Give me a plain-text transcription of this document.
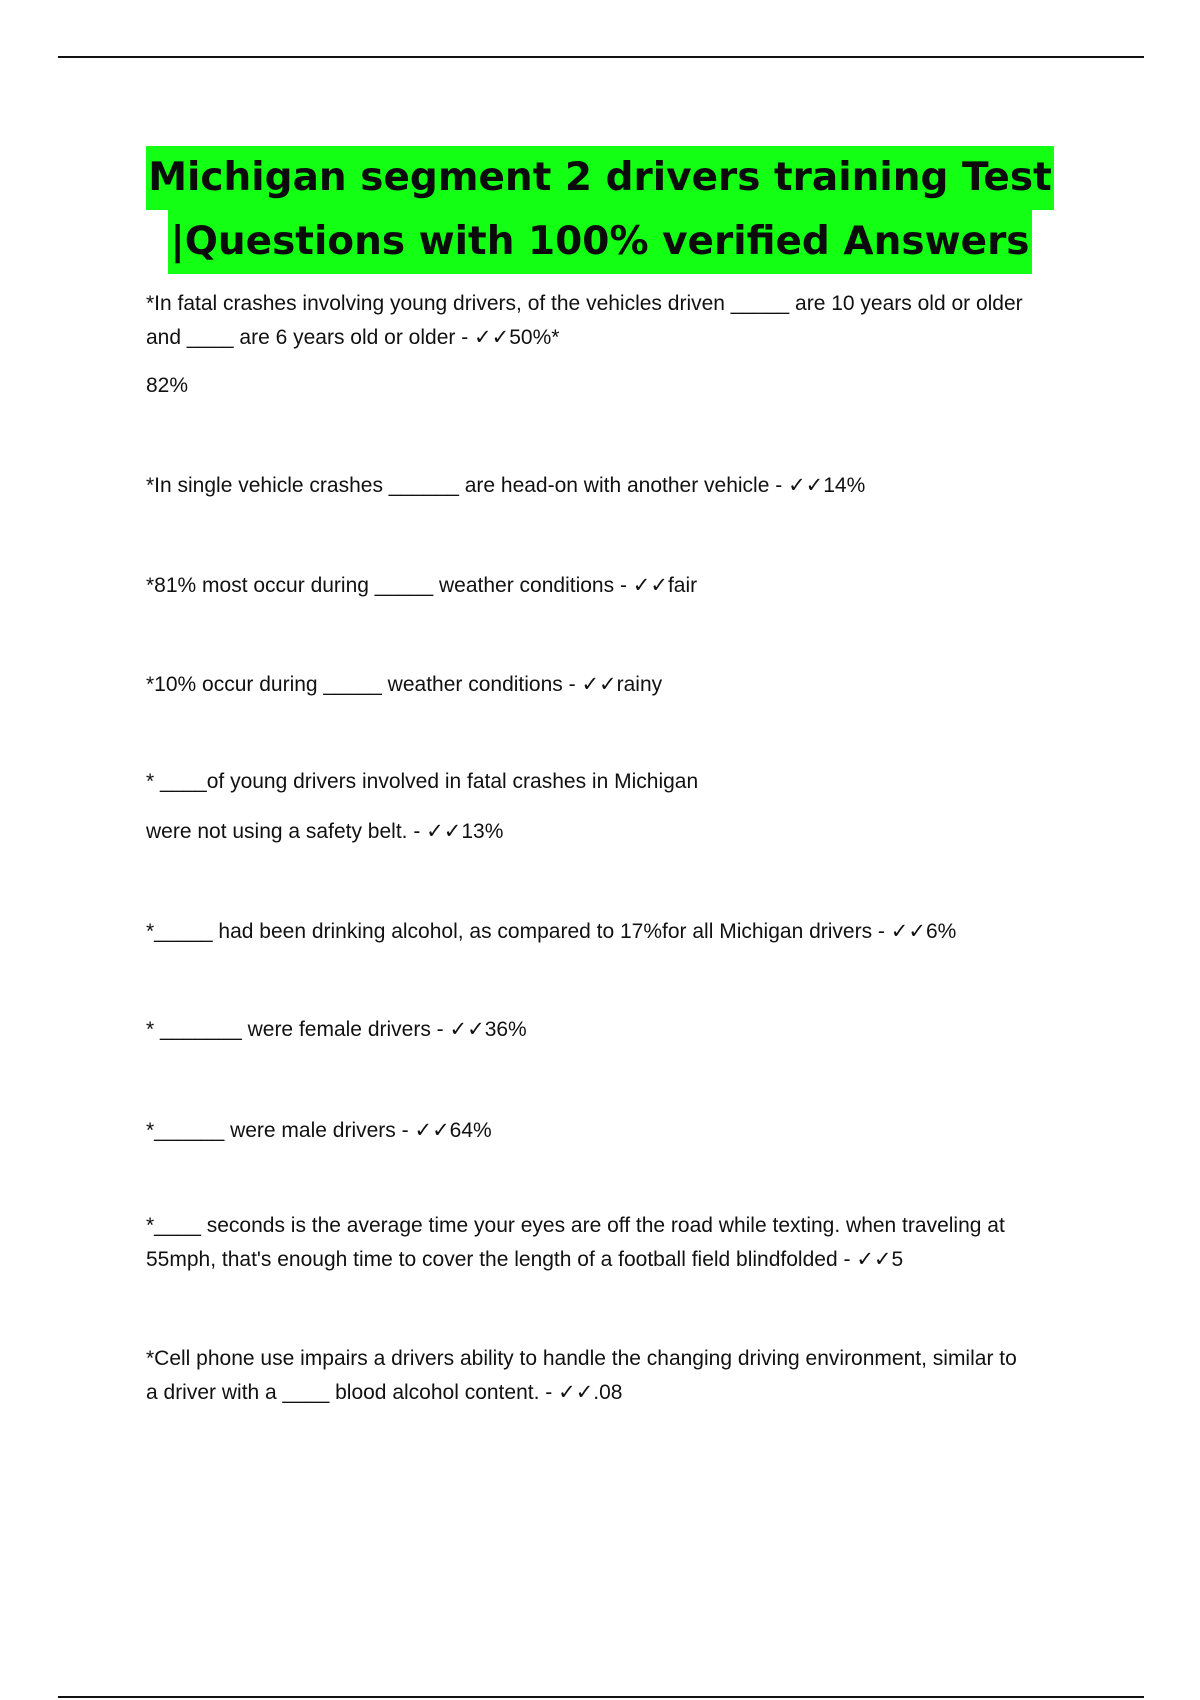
Michigan segment 2 drivers training Test
|Questions with 100% verified Answers
*In fatal crashes involving young drivers, of the vehicles driven _____ are 10 years old or older
and ____ are 6 years old or older - ✓✓50%*
82%
*In single vehicle crashes ______ are head-on with another vehicle - ✓✓14%
*81% most occur during _____ weather conditions - ✓✓fair
*10% occur during _____ weather conditions - ✓✓rainy
* ____of young drivers involved in fatal crashes in Michigan
were not using a safety belt. - ✓✓13%
*_____ had been drinking alcohol, as compared to 17%for all Michigan drivers - ✓✓6%
* _______ were female drivers - ✓✓36%
*______ were male drivers - ✓✓64%
*____ seconds is the average time your eyes are off the road while texting. when traveling at
55mph, that's enough time to cover the length of a football field blindfolded - ✓✓5
*Cell phone use impairs a drivers ability to handle the changing driving environment, similar to
a driver with a ____ blood alcohol content. - ✓✓.08
